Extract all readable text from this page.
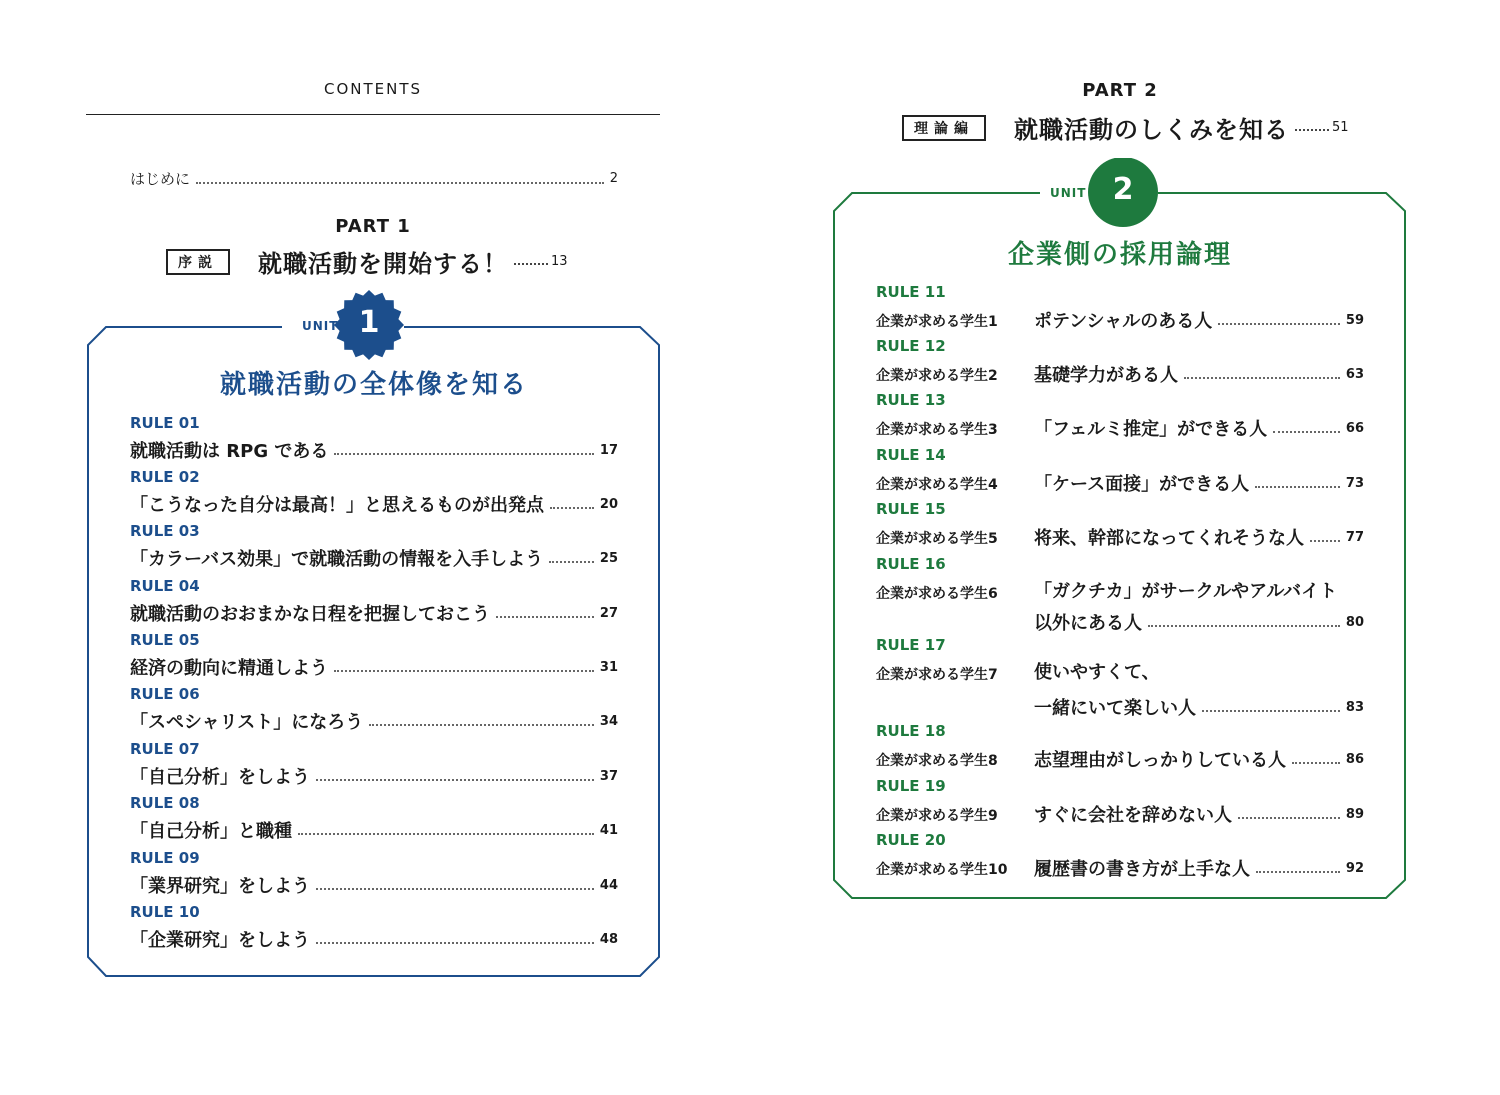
CONTENTS
はじめに	2
PART 1
序説	就職活動を開始する！	13
UNIT 1
就職活動の全体像を知る
RULE 01
就職活動は RPG である	17
RULE 02
「こうなった自分は最高！」と思えるものが出発点	20
RULE 03
「カラーバス効果」で就職活動の情報を入手しよう	25
RULE 04
就職活動のおおまかな日程を把握しておこう	27
RULE 05
経済の動向に精通しよう	31
RULE 06
「スペシャリスト」になろう	34
RULE 07
「自己分析」をしよう	37
RULE 08
「自己分析」と職種	41
RULE 09
「業界研究」をしよう	44
RULE 10
「企業研究」をしよう	48
PART 2
理論編	就職活動のしくみを知る	51
UNIT 2
企業側の採用論理
RULE 11
企業が求める学生1	ポテンシャルのある人	59
RULE 12
企業が求める学生2	基礎学力がある人	63
RULE 13
企業が求める学生3	「フェルミ推定」ができる人	66
RULE 14
企業が求める学生4	「ケース面接」ができる人	73
RULE 15
企業が求める学生5	将来、幹部になってくれそうな人	77
RULE 16
企業が求める学生6	「ガクチカ」がサークルやアルバイト
以外にある人	80
RULE 17
企業が求める学生7	使いやすくて、
一緒にいて楽しい人	83
RULE 18
企業が求める学生8	志望理由がしっかりしている人	86
RULE 19
企業が求める学生9	すぐに会社を辞めない人	89
RULE 20
企業が求める学生10	履歴書の書き方が上手な人	92
